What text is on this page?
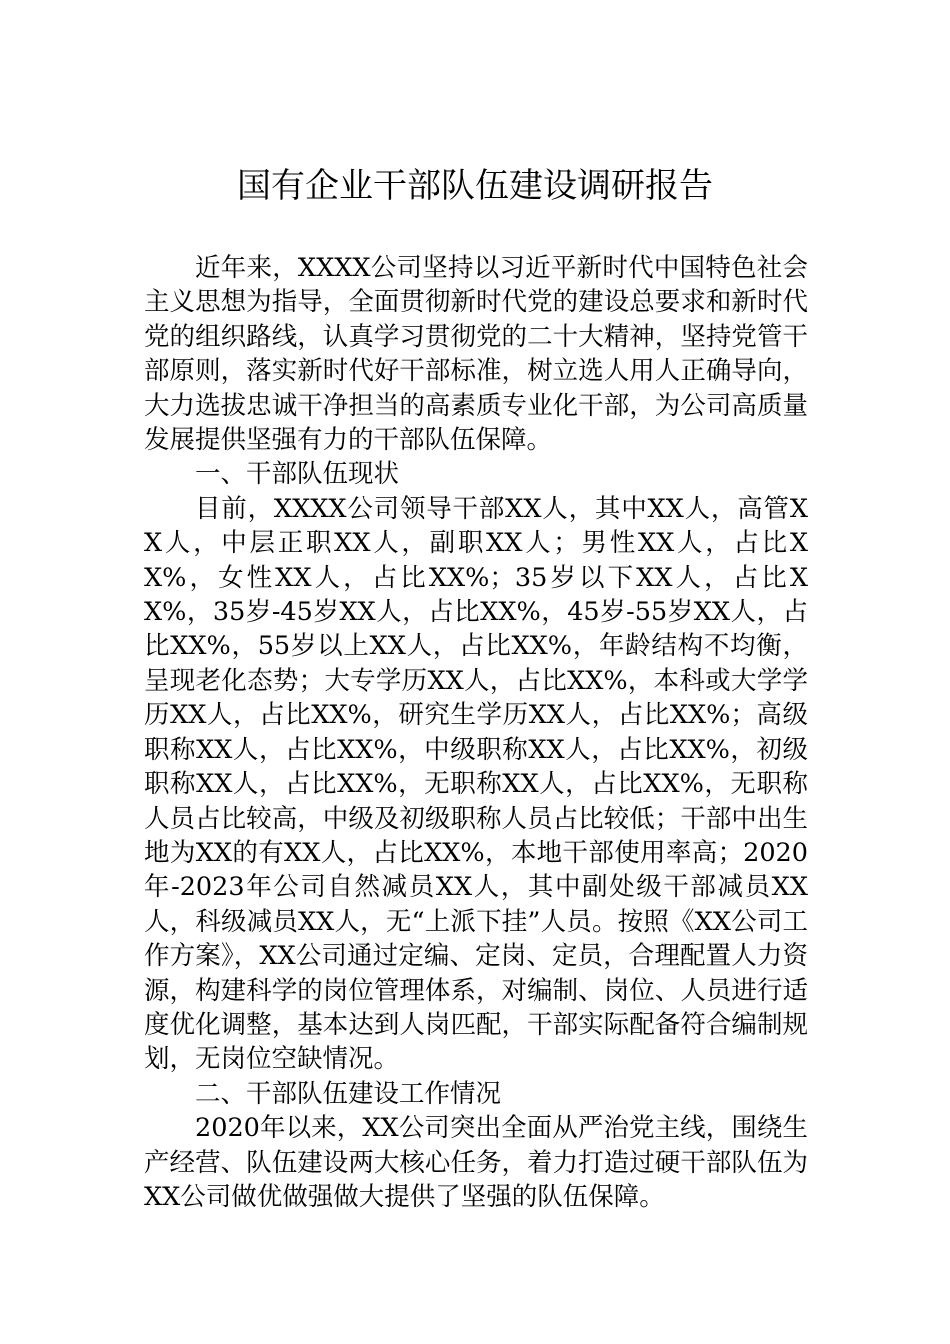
国有企业干部队伍建设调研报告

近年来，XXXX公司坚持以习近平新时代中国特色社会主义思想为指导，全面贯彻新时代党的建设总要求和新时代党的组织路线，认真学习贯彻党的二十大精神，坚持党管干部原则，落实新时代好干部标准，树立选人用人正确导向，大力选拔忠诚干净担当的高素质专业化干部，为公司高质量发展提供坚强有力的干部队伍保障。

一、干部队伍现状

目前，XXXX公司领导干部XX人，其中XX人，高管XX人，中层正职XX人，副职XX人；男性XX人，占比XX%，女性XX人，占比XX%；35岁以下XX人，占比XX%，35岁-45岁XX人，占比XX%，45岁-55岁XX人，占比XX%，55岁以上XX人，占比XX%，年龄结构不均衡，呈现老化态势；大专学历XX人，占比XX%，本科或大学学历XX人，占比XX%，研究生学历XX人，占比XX%；高级职称XX人，占比XX%，中级职称XX人，占比XX%，初级职称XX人，占比XX%，无职称XX人，占比XX%，无职称人员占比较高，中级及初级职称人员占比较低；干部中出生地为XX的有XX人，占比XX%，本地干部使用率高；2020年-2023年公司自然减员XX人，其中副处级干部减员XX人，科级减员XX人，无“上派下挂”人员。按照《XX公司工作方案》，XX公司通过定编、定岗、定员，合理配置人力资源，构建科学的岗位管理体系，对编制、岗位、人员进行适度优化调整，基本达到人岗匹配，干部实际配备符合编制规划，无岗位空缺情况。

二、干部队伍建设工作情况

2020年以来，XX公司突出全面从严治党主线，围绕生产经营、队伍建设两大核心任务，着力打造过硬干部队伍为XX公司做优做强做大提供了坚强的队伍保障。
